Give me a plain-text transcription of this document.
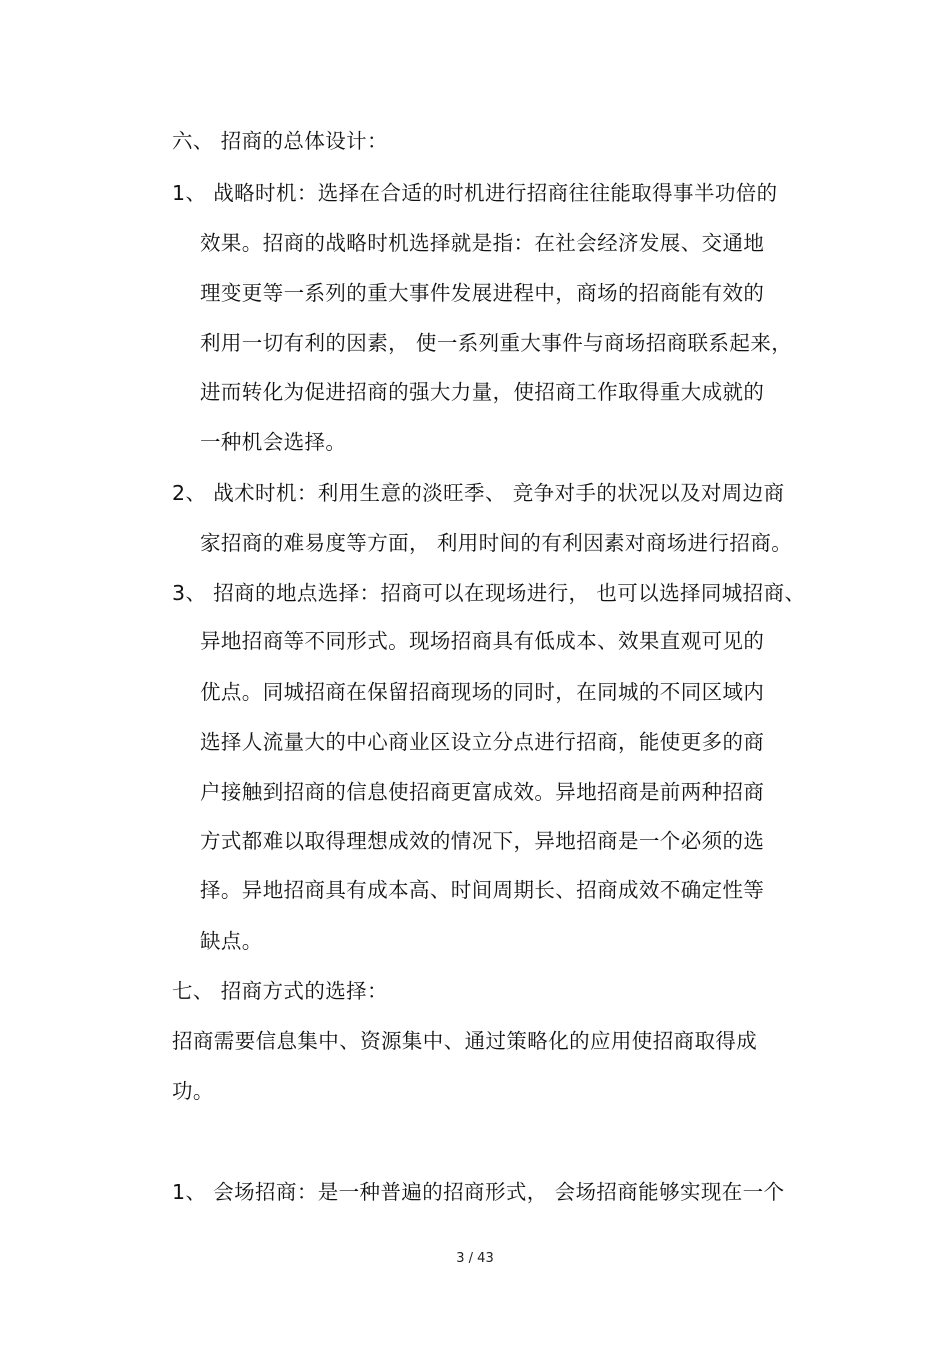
六、 招商的总体设计：
1、 战略时机：选择在合适的时机进行招商往往能取得事半功倍的
效果。招商的战略时机选择就是指：在社会经济发展、交通地
理变更等一系列的重大事件发展进程中，商场的招商能有效的
利用一切有利的因素， 使一系列重大事件与商场招商联系起来，
进而转化为促进招商的强大力量，使招商工作取得重大成就的
一种机会选择。
2、 战术时机：利用生意的淡旺季、 竞争对手的状况以及对周边商
家招商的难易度等方面， 利用时间的有利因素对商场进行招商。
3、 招商的地点选择：招商可以在现场进行， 也可以选择同城招商、
异地招商等不同形式。现场招商具有低成本、效果直观可见的
优点。同城招商在保留招商现场的同时，在同城的不同区域内
选择人流量大的中心商业区设立分点进行招商，能使更多的商
户接触到招商的信息使招商更富成效。异地招商是前两种招商
方式都难以取得理想成效的情况下，异地招商是一个必须的选
择。异地招商具有成本高、时间周期长、招商成效不确定性等
缺点。
七、 招商方式的选择：
招商需要信息集中、资源集中、通过策略化的应用使招商取得成
功。
1、 会场招商：是一种普遍的招商形式， 会场招商能够实现在一个
3 / 43
